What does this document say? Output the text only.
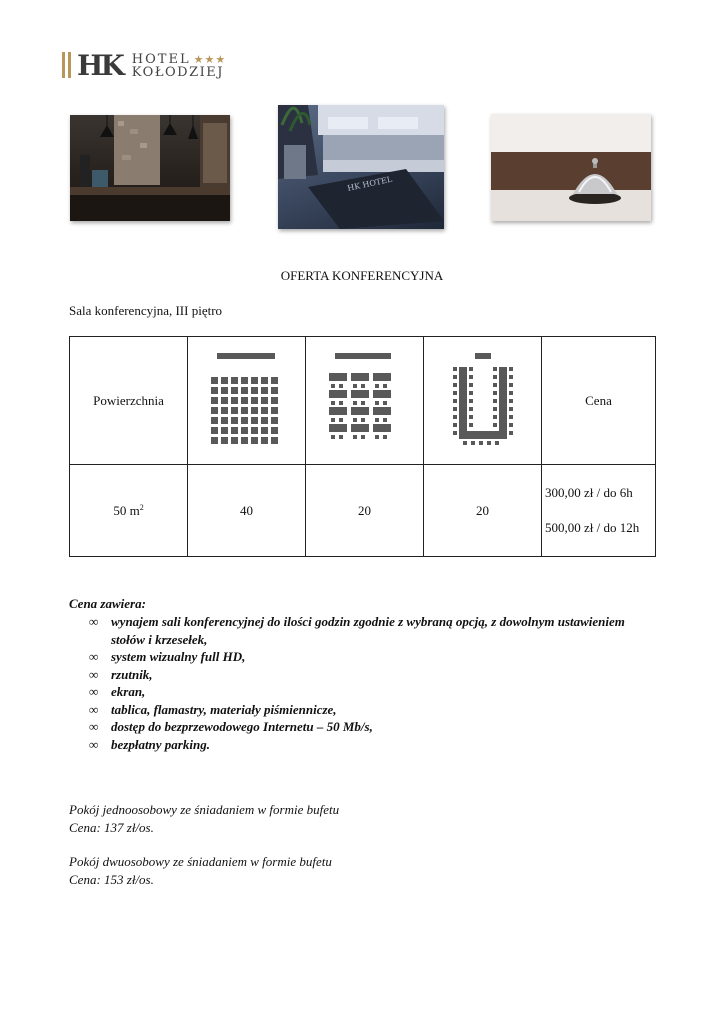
HK HOTEL ★★★
KOŁODZIEJ
HK HOTEL
OFERTA KONFERENCYJNA
Sala konferencyjna, III piętro
Powierzchnia				Cena
50 $m^2$	40	20	20	300,00 zł / do 6h
500,00 zł / do 12h
Cena zawiera:
∞ wynajem sali konferencyjnej do ilości godzin zgodnie z wybraną opcją, z dowolnym ustawieniem stołów i krzesełek,
∞ system wizualny full HD,
∞ rzutnik,
∞ ekran,
∞ tablica, flamastry, materiały piśmiennicze,
∞ dostęp do bezprzewodowego Internetu – 50 Mb/s,
∞ bezpłatny parking.
Pokój jednoosobowy ze śniadaniem w formie bufetu
Cena: 137 zł/os.
Pokój dwuosobowy ze śniadaniem w formie bufetu
Cena: 153 zł/os.
